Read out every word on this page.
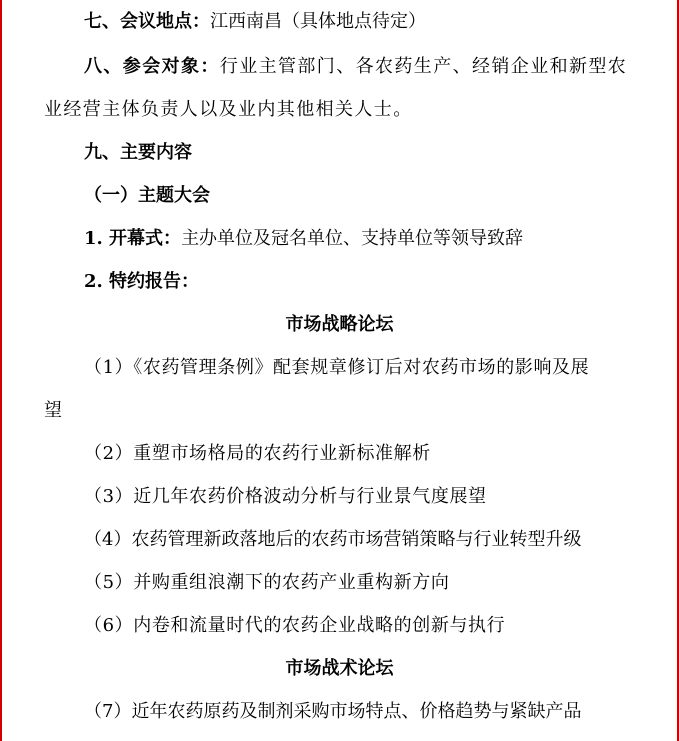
七、会议地点：江西南昌（具体地点待定）
八、参会对象：行业主管部门、各农药生产、经销企业和新型农
业经营主体负责人以及业内其他相关人士。
九、主要内容
（一）主题大会
1. 开幕式：主办单位及冠名单位、支持单位等领导致辞
2. 特约报告：
市场战略论坛
（1）《农药管理条例》配套规章修订后对农药市场的影响及展
望
（2）重塑市场格局的农药行业新标准解析
（3）近几年农药价格波动分析与行业景气度展望
（4）农药管理新政落地后的农药市场营销策略与行业转型升级
（5）并购重组浪潮下的农药产业重构新方向
（6）内卷和流量时代的农药企业战略的创新与执行
市场战术论坛
（7）近年农药原药及制剂采购市场特点、价格趋势与紧缺产品
